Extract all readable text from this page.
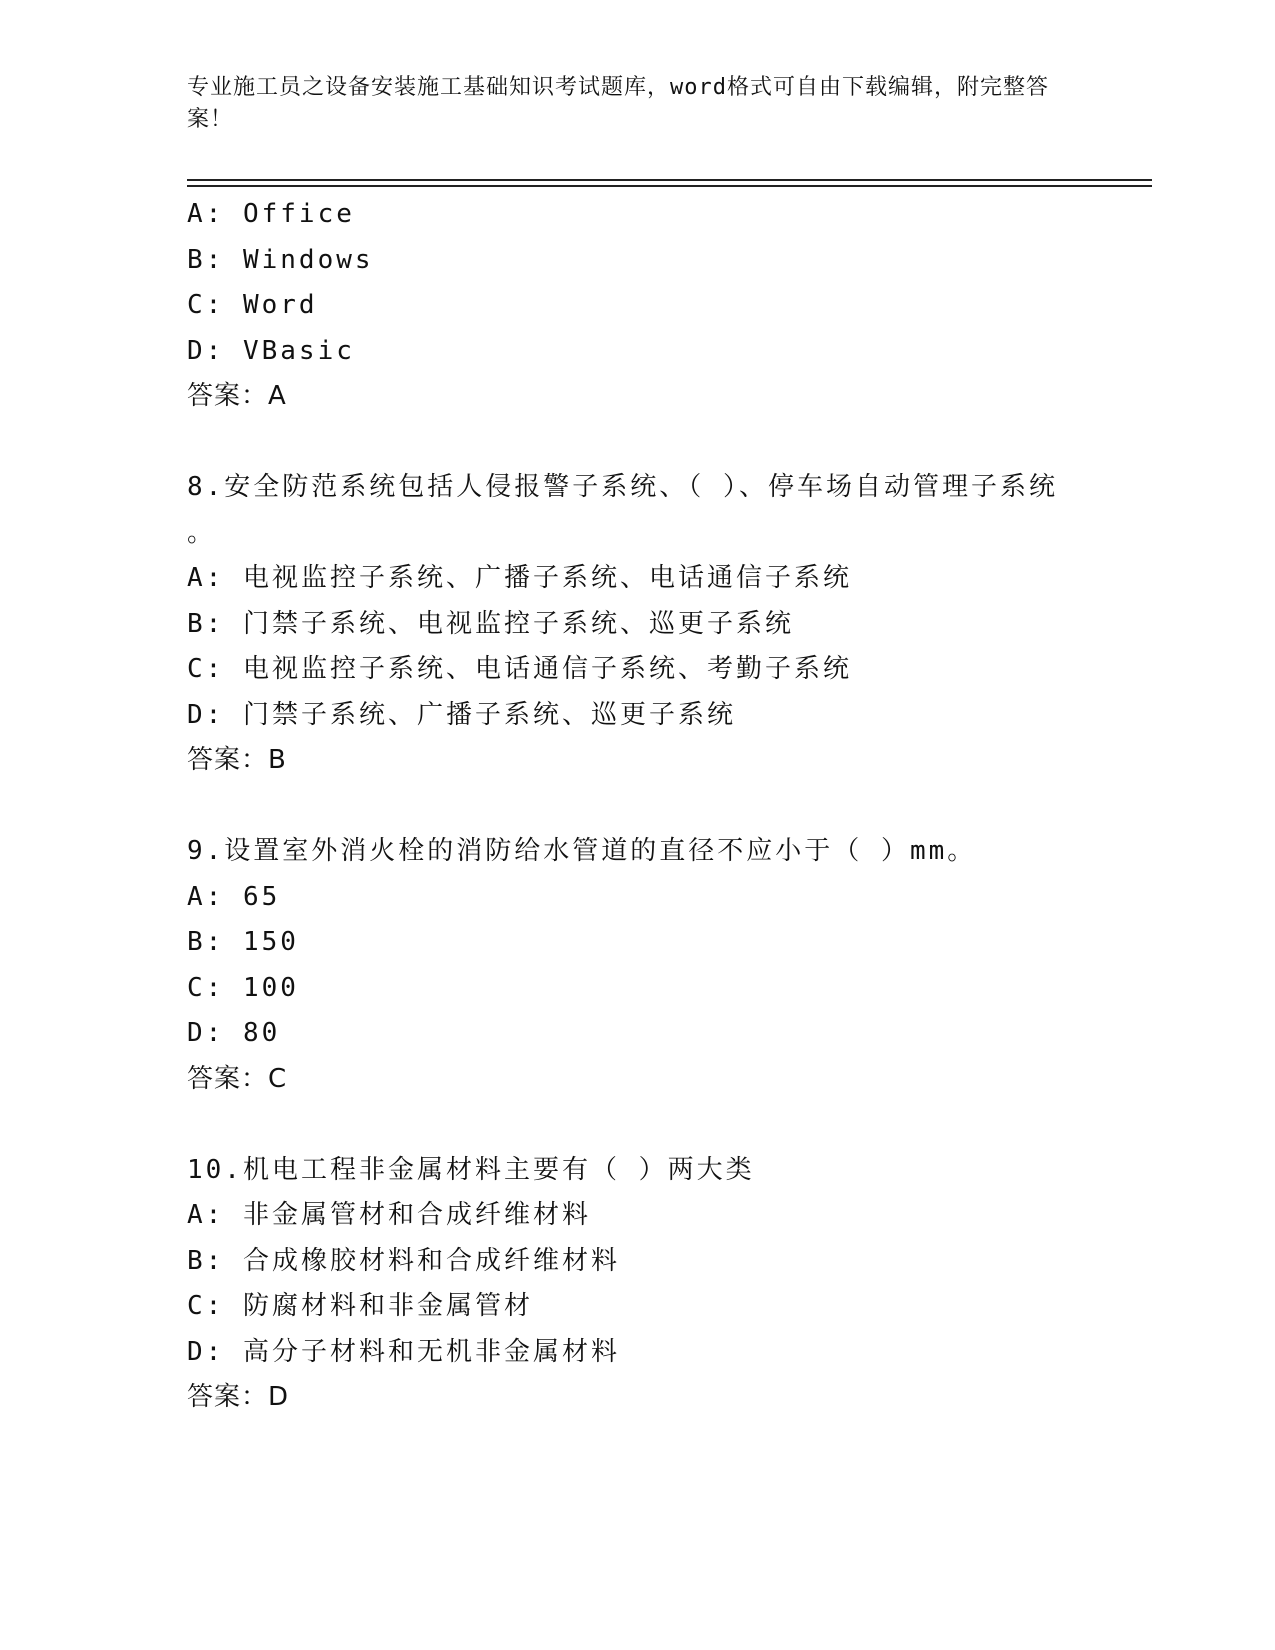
专业施工员之设备安装施工基础知识考试题库，word格式可自由下载编辑，附完整答案！
A: Office
B: Windows
C: Word
D: VBasic
答案：A
8.安全防范系统包括人侵报警子系统、（ ）、停车场自动管理子系统
。
A: 电视监控子系统、广播子系统、电话通信子系统
B: 门禁子系统、电视监控子系统、巡更子系统
C: 电视监控子系统、电话通信子系统、考勤子系统
D: 门禁子系统、广播子系统、巡更子系统
答案：B
9.设置室外消火栓的消防给水管道的直径不应小于（ ）mm。
A: 65
B: 150
C: 100
D: 80
答案：C
10.机电工程非金属材料主要有（ ）两大类
A: 非金属管材和合成纤维材料
B: 合成橡胶材料和合成纤维材料
C: 防腐材料和非金属管材
D: 高分子材料和无机非金属材料
答案：D
